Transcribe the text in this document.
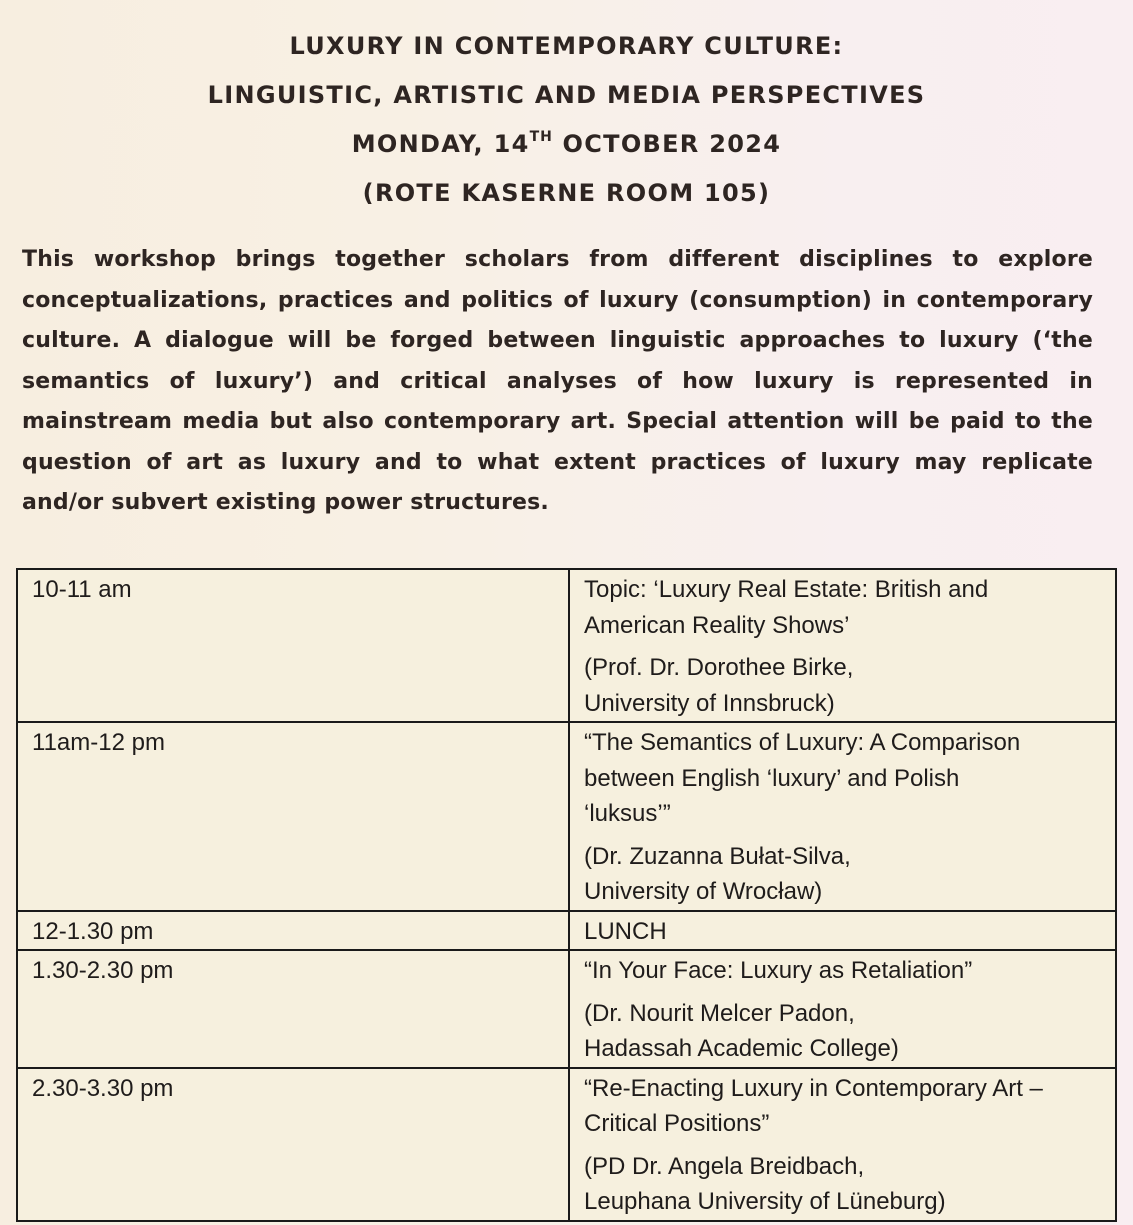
LUXURY IN CONTEMPORARY CULTURE:
LINGUISTIC, ARTISTIC AND MEDIA PERSPECTIVES
MONDAY, 14TH OCTOBER 2024
(ROTE KASERNE ROOM 105)

This workshop brings together scholars from different disciplines to explore conceptualizations, practices and politics of luxury (consumption) in contemporary culture. A dialogue will be forged between linguistic approaches to luxury (‘the semantics of luxury’) and critical analyses of how luxury is represented in mainstream media but also contemporary art. Special attention will be paid to the question of art as luxury and to what extent practices of luxury may replicate and/or subvert existing power structures.

10-11 am	Topic: ‘Luxury Real Estate: British and
American Reality Shows’
(Prof. Dr. Dorothee Birke,
University of Innsbruck)

11am-12 pm	“The Semantics of Luxury: A Comparison
between English ‘luxury’ and Polish
‘luksus’”
(Dr. Zuzanna Bułat-Silva,
University of Wrocław)

12-1.30 pm	LUNCH

1.30-2.30 pm	“In Your Face: Luxury as Retaliation”
(Dr. Nourit Melcer Padon,
Hadassah Academic College)

2.30-3.30 pm	“Re-Enacting Luxury in Contemporary Art –
Critical Positions”
(PD Dr. Angela Breidbach,
Leuphana University of Lüneburg)
